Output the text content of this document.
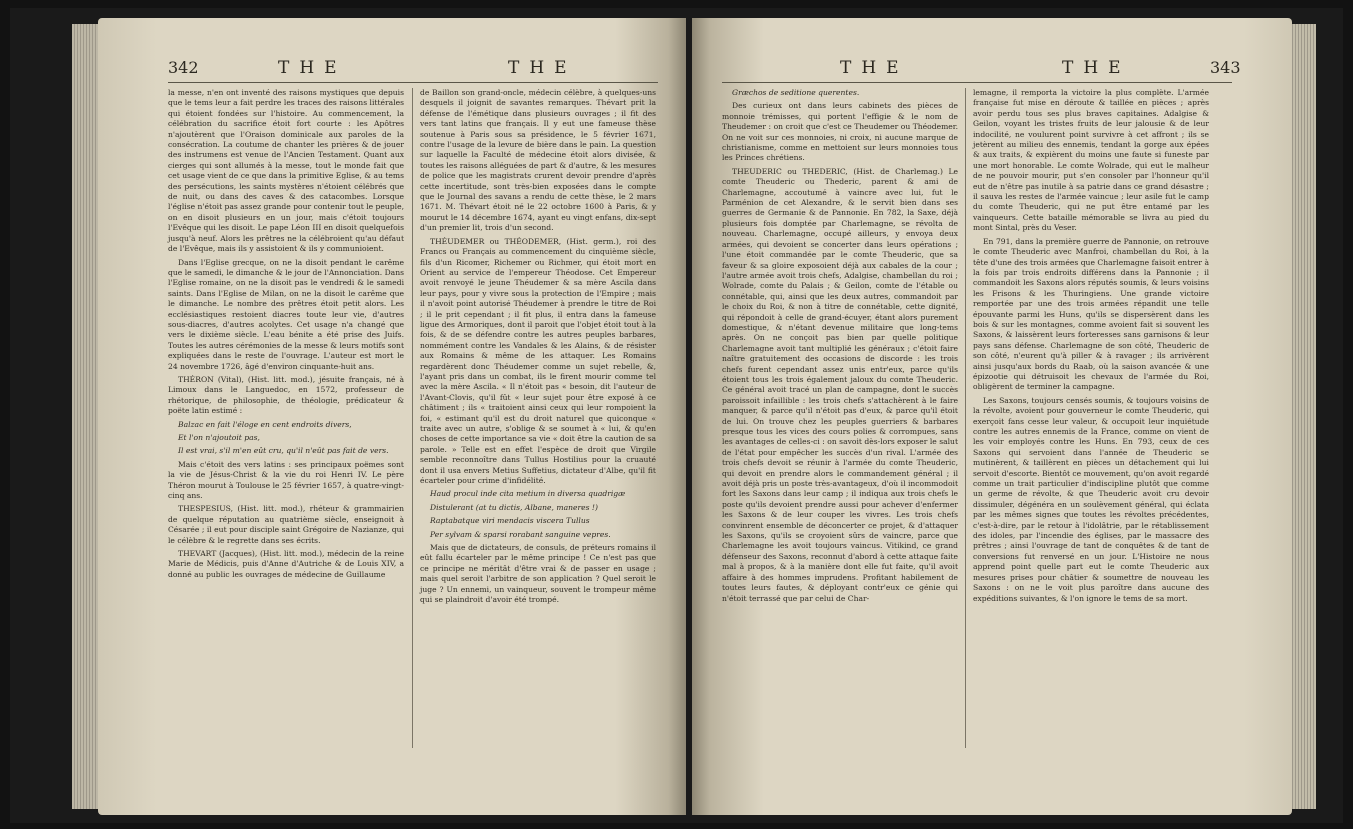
342	THE	THE

la messe, n'en ont inventé des raisons mystiques que depuis que le tems leur a fait perdre les traces des raisons littérales qui étoient fondées sur l'histoire. Au commencement, la célébration du sacrifice étoit fort courte : les Apôtres n'ajoutèrent que l'Oraison dominicale aux paroles de la consécration. La coutume de chanter les prières & de jouer des instrumens est venue de l'Ancien Testament. Quant aux cierges qui sont allumés à la messe, tout le monde fait que cet usage vient de ce que dans la primitive Eglise, & au tems des persécutions, les saints mystères n'étoient célébrés que de nuit, ou dans des caves & des catacombes. Lorsque l'église n'étoit pas assez grande pour contenir tout le peuple, on en disoit plusieurs en un jour, mais c'étoit toujours l'Evêque qui les disoit. Le pape Léon III en disoit quelquefois jusqu'à neuf. Alors les prêtres ne la célébroient qu'au défaut de l'Evêque, mais ils y assistoient & ils y communioient.

Dans l'Eglise grecque, on ne la disoit pendant le carême que le samedi, le dimanche & le jour de l'Annonciation. Dans l'Eglise romaine, on ne la disoit pas le vendredi & le samedi saints. Dans l'Eglise de Milan, on ne la disoit le carême que le dimanche. Le nombre des prêtres étoit petit alors. Les ecclésiastiques restoient diacres toute leur vie, d'autres sous-diacres, d'autres acolytes. Cet usage n'a changé que vers le dixième siècle. L'eau bénite a été prise des Juifs. Toutes les autres cérémonies de la messe & leurs motifs sont expliquées dans le reste de l'ouvrage. L'auteur est mort le 24 novembre 1726, âgé d'environ cinquante-huit ans.

THÉRON (Vital), (Hist. litt. mod.), jésuite français, né à Limoux dans le Languedoc, en 1572, professeur de rhétorique, de philosophie, de théologie, prédicateur & poëte latin estimé :

Balzac en fait l'éloge en cent endroits divers,

Et l'on n'ajoutoit pas,

Il est vrai, s'il m'en eût cru, qu'il n'eût pas fait de vers.

Mais c'étoit des vers latins : ses principaux poëmes sont la vie de Jésus-Christ & la vie du roi Henri IV. Le père Théron mourut à Toulouse le 25 février 1657, à quatre-vingt-cinq ans.

THESPESIUS, (Hist. litt. mod.), rhéteur & grammairien de quelque réputation au quatrième siècle, enseignoit à Césarée ; il eut pour disciple saint Grégoire de Nazianze, qui le célèbre & le regrette dans ses écrits.

THEVART (Jacques), (Hist. litt. mod.), médecin de la reine Marie de Médicis, puis d'Anne d'Autriche & de Louis XIV, a donné au public les ouvrages de médecine de Guillaume

de Baillon son grand-oncle, médecin célèbre, à quelques-uns desquels il joignit de savantes remarques. Thévart prit la défense de l'émétique dans plusieurs ouvrages ; il fit des vers tant latins que français. Il y eut une fameuse thèse soutenue à Paris sous sa présidence, le 5 février 1671, contre l'usage de la levure de bière dans le pain. La question sur laquelle la Faculté de médecine étoit alors divisée, & toutes les raisons alléguées de part & d'autre, & les mesures de police que les magistrats crurent devoir prendre d'après cette incertitude, sont très-bien exposées dans le compte que le Journal des savans a rendu de cette thèse, le 2 mars 1671. M. Thévart étoit né le 22 octobre 1600 à Paris, & y mourut le 14 décembre 1674, ayant eu vingt enfans, dix-sept d'un premier lit, trois d'un second.

THÉUDEMER ou THÉODEMER, (Hist. germ.), roi des Francs ou Français au commencement du cinquième siècle, fils d'un Ricomer, Richemer ou Richmer, qui étoit mort en Orient au service de l'empereur Théodose. Cet Empereur avoit renvoyé le jeune Théudemer & sa mère Ascila dans leur pays, pour y vivre sous la protection de l'Empire ; mais il n'avoit point autorisé Théudemer à prendre le titre de Roi ; il le prit cependant ; il fit plus, il entra dans la fameuse ligue des Armoriques, dont il paroit que l'objet étoit tout à la fois, & de se défendre contre les autres peuples barbares, nommément contre les Vandales & les Alains, & de résister aux Romains & même de les attaquer. Les Romains regardèrent donc Théudemer comme un sujet rebelle, &, l'ayant pris dans un combat, ils le firent mourir comme tel avec la mère Ascila. « Il n'étoit pas « besoin, dit l'auteur de l'Avant-Clovis, qu'il fût « leur sujet pour être exposé à ce châtiment ; ils « traitoient ainsi ceux qui leur rompoient la foi, « estimant qu'il est du droit naturel que quiconque « traite avec un autre, s'oblige & se soumet à « lui, & qu'en choses de cette importance sa vie « doit être la caution de sa parole. » Telle est en effet l'espèce de droit que Virgile semble reconnoître dans Tullus Hostilius pour la cruauté dont il usa envers Metius Suffetius, dictateur d'Albe, qu'il fit écarteler pour crime d'infidélité.

Haud procul inde cita metium in diversa quadrigæ

Distulerant (at tu dictis, Albane, maneres !)

Raptabatque viri mendacis viscera Tullus

Per sylvam & sparsi rorabant sanguine vepres.

Mais que de dictateurs, de consuls, de préteurs romains il eût fallu écarteler par le même principe ! Ce n'est pas que ce principe ne méritât d'être vrai & de passer en usage ; mais quel seroit l'arbitre de son application ? Quel seroit le juge ? Un ennemi, un vainqueur, souvent le trompeur même qui se plaindroit d'avoir été trompé.

THE	THE	343

Græchos de seditione querentes.

Des curieux ont dans leurs cabinets des pièces de monnoie trémisses, qui portent l'effigie & le nom de Theudemer : on croit que c'est ce Theudemer ou Théodemer. On ne voit sur ces monnoies, ni croix, ni aucune marque de christianisme, comme en mettoient sur leurs monnoies tous les Princes chrétiens.

THEUDERIC ou THEDERIC, (Hist. de Charlemag.) Le comte Theuderic ou Thederic, parent & ami de Charlemagne, accoutumé à vaincre avec lui, fut le Parménion de cet Alexandre, & le servit bien dans ses guerres de Germanie & de Pannonie. En 782, la Saxe, déjà plusieurs fois domptée par Charlemagne, se révolta de nouveau. Charlemagne, occupé ailleurs, y envoya deux armées, qui devoient se concerter dans leurs opérations ; l'une étoit commandée par le comte Theuderic, que sa faveur & sa gloire exposoient déjà aux cabales de la cour ; l'autre armée avoit trois chefs, Adalgise, chambellan du roi ; Wolrade, comte du Palais ; & Geilon, comte de l'étable ou connétable, qui, ainsi que les deux autres, commandoit par le choix du Roi, & non à titre de connétable, cette dignité, qui répondoit à celle de grand-écuyer, étant alors purement domestique, & n'étant devenue militaire que long-tems après. On ne conçoit pas bien par quelle politique Charlemagne avoit tant multiplié les généraux ; c'étoit faire naître gratuitement des occasions de discorde : les trois chefs furent cependant assez unis entr'eux, parce qu'ils étoient tous les trois également jaloux du comte Theuderic. Ce général avoit tracé un plan de campagne, dont le succès paroissoit infaillible : les trois chefs s'attachèrent à le faire manquer, & parce qu'il n'étoit pas d'eux, & parce qu'il étoit de lui. On trouve chez les peuples guerriers & barbares presque tous les vices des cours polies & corrompues, sans les avantages de celles-ci : on savoit dès-lors exposer le salut de l'état pour empêcher les succès d'un rival. L'armée des trois chefs devoit se réunir à l'armée du comte Theuderic, qui devoit en prendre alors le commandement général ; il avoit déjà pris un poste très-avantageux, d'où il incommodoit fort les Saxons dans leur camp ; il indiqua aux trois chefs le poste qu'ils devoient prendre aussi pour achever d'enfermer les Saxons & de leur couper les vivres. Les trois chefs convinrent ensemble de déconcerter ce projet, & d'attaquer les Saxons, qu'ils se croyoient sûrs de vaincre, parce que Charlemagne les avoit toujours vaincus. Vitikind, ce grand défenseur des Saxons, reconnut d'abord à cette attaque faite mal à propos, & à la manière dont elle fut faite, qu'il avoit affaire à des hommes imprudens. Profitant habilement de toutes leurs fautes, & déployant contr'eux ce génie qui n'étoit terrassé que par celui de Char-

lemagne, il remporta la victoire la plus complète. L'armée française fut mise en déroute & taillée en pièces ; après avoir perdu tous ses plus braves capitaines. Adalgise & Geilon, voyant les tristes fruits de leur jalousie & de leur indocilité, ne voulurent point survivre à cet affront ; ils se jetèrent au milieu des ennemis, tendant la gorge aux épées & aux traits, & expièrent du moins une faute si funeste par une mort honorable. Le comte Wolrade, qui eut le malheur de ne pouvoir mourir, put s'en consoler par l'honneur qu'il eut de n'être pas inutile à sa patrie dans ce grand désastre ; il sauva les restes de l'armée vaincue ; leur asile fut le camp du comte Theuderic, qui ne put être entamé par les vainqueurs. Cette bataille mémorable se livra au pied du mont Sintal, près du Veser.

En 791, dans la première guerre de Pannonie, on retrouve le comte Theuderic avec Manfroi, chambellan du Roi, à la tête d'une des trois armées que Charlemagne faisoit entrer à la fois par trois endroits différens dans la Pannonie ; il commandoit les Saxons alors réputés soumis, & leurs voisins les Frisons & les Thuringiens. Une grande victoire remportée par une des trois armées répandit une telle épouvante parmi les Huns, qu'ils se dispersèrent dans les bois & sur les montagnes, comme avoient fait si souvent les Saxons, & laissèrent leurs forteresses sans garnisons & leur pays sans défense. Charlemagne de son côté, Theuderic de son côté, n'eurent qu'à piller & à ravager ; ils arrivèrent ainsi jusqu'aux bords du Raab, où la saison avancée & une épizootie qui détruisoit les chevaux de l'armée du Roi, obligèrent de terminer la campagne.

Les Saxons, toujours censés soumis, & toujours voisins de la révolte, avoient pour gouverneur le comte Theuderic, qui exerçoit fans cesse leur valeur, & occupoit leur inquiétude contre les autres ennemis de la France, comme on vient de les voir employés contre les Huns. En 793, ceux de ces Saxons qui servoient dans l'année de Theuderic se mutinèrent, & taillèrent en pièces un détachement qui lui servoit d'escorte. Bientôt ce mouvement, qu'on avoit regardé comme un trait particulier d'indiscipline plutôt que comme un germe de révolte, & que Theuderic avoit cru devoir dissimuler, dégénéra en un soulèvement général, qui éclata par les mêmes signes que toutes les révoltes précédentes, c'est-à-dire, par le retour à l'idolâtrie, par le rétablissement des idoles, par l'incendie des églises, par le massacre des prêtres ; ainsi l'ouvrage de tant de conquêtes & de tant de conversions fut renversé en un jour. L'Histoire ne nous apprend point quelle part eut le comte Theuderic aux mesures prises pour châtier & soumettre de nouveau les Saxons : on ne le voit plus paroître dans aucune des expéditions suivantes, & l'on ignore le tems de sa mort.
